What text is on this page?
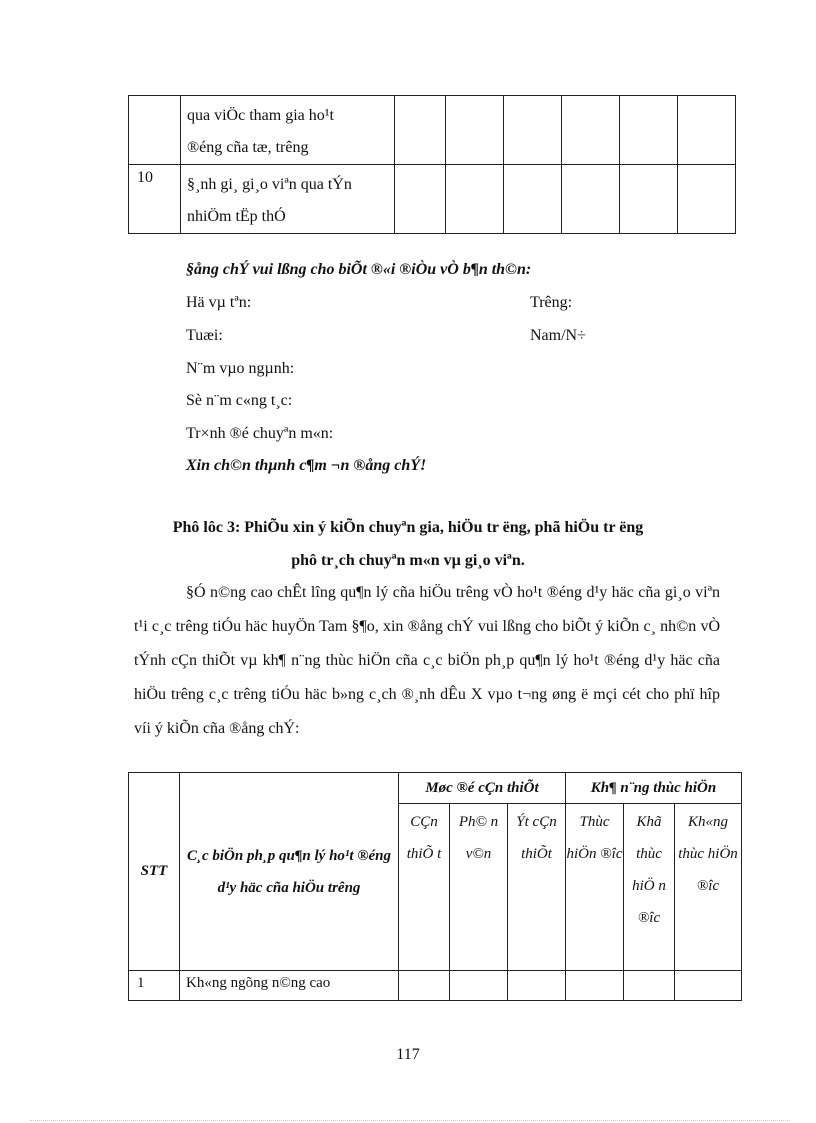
	qua viÖc tham gia ho¹t
®éng cña tæ, trêng						

10	§¸nh gi¸ gi¸o viªn qua tÝn
nhiÖm tËp thÓ						

§ång chÝ vui lßng cho biÕt ®«i ®iÒu vÒ b¶n th©n:
Hä vµ tªn:	Trêng:
Tuæi:	Nam/N÷
N¨m vµo ngµnh:
Sè n¨m c«ng t¸c:
Tr×nh ®é chuyªn m«n:
Xin ch©n thµnh c¶m ¬n ®ång chÝ!
Phô lôc 3: PhiÕu xin ý kiÕn chuyªn gia, hiÖu tr ëng, phã hiÖu tr ëng
phô tr¸ch chuyªn m«n vµ gi¸o viªn.
§Ó n©ng cao chÊt lîng qu¶n lý cña hiÖu trêng vÒ ho¹t ®éng d¹y häc cña gi¸o viªn t¹i c¸c trêng tiÓu häc huyÖn Tam §¶o, xin ®ång chÝ vui lßng cho biÕt ý kiÕn c¸ nh©n vÒ tÝnh cÇn thiÕt vµ kh¶ n¨ng thùc hiÖn cña c¸c biÖn ph¸p qu¶n lý ho¹t ®éng d¹y häc cña hiÖu trêng c¸c trêng tiÓu häc b»ng c¸ch ®¸nh dÊu X vµo t¬ng øng ë mçi cét cho phï hîp víi ý kiÕn cña ®ång chÝ:
STT	C¸c biÖn ph¸p qu¶n lý ho¹t ®éng d¹y häc cña hiÖu trêng	Møc ®é cÇn thiÕt			Kh¶ n¨ng thùc hiÖn		
		CÇn thiÕ t	Ph© n v©n	Ýt cÇn thiÕt	Thùc hiÖn ®îc	Khã thùc hiÖ n ®îc	Kh«ng thùc hiÖn ®îc
1	Kh«ng ngõng n©ng cao						
117
